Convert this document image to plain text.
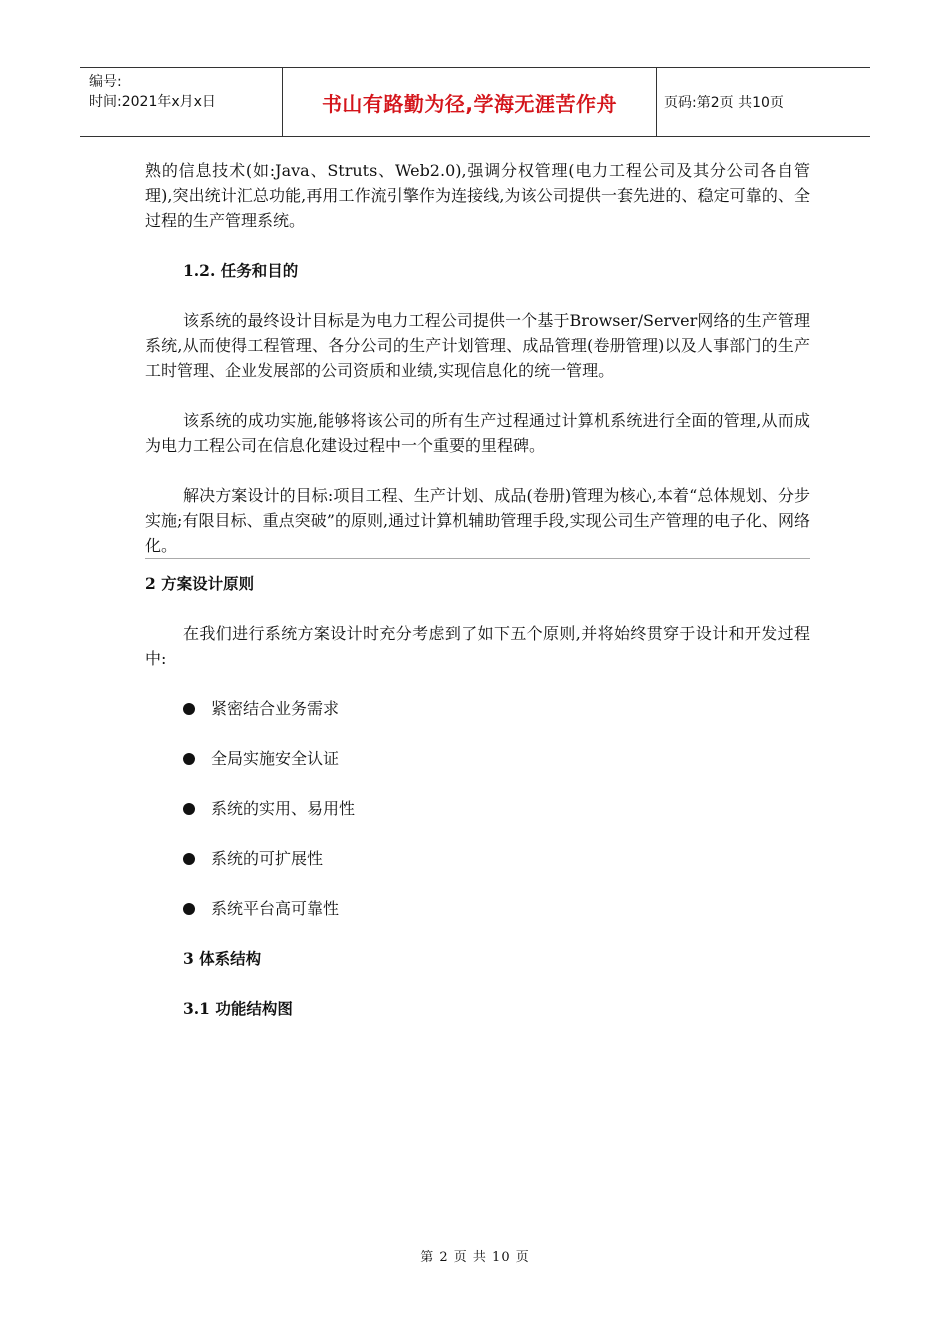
编号:
时间:2021年x月x日	书山有路勤为径,学海无涯苦作舟	页码:第2页 共10页

熟的信息技术(如:Java、Struts、Web2.0),强调分权管理(电力工程公司及其分公司各自管理),突出统计汇总功能,再用工作流引擎作为连接线,为该公司提供一套先进的、稳定可靠的、全过程的生产管理系统。

1.2. 任务和目的

该系统的最终设计目标是为电力工程公司提供一个基于Browser/Server网络的生产管理系统,从而使得工程管理、各分公司的生产计划管理、成品管理(卷册管理)以及人事部门的生产工时管理、企业发展部的公司资质和业绩,实现信息化的统一管理。

该系统的成功实施,能够将该公司的所有生产过程通过计算机系统进行全面的管理,从而成为电力工程公司在信息化建设过程中一个重要的里程碑。

解决方案设计的目标:项目工程、生产计划、成品(卷册)管理为核心,本着“总体规划、分步实施;有限目标、重点突破”的原则,通过计算机辅助管理手段,实现公司生产管理的电子化、网络化。

2 方案设计原则

在我们进行系统方案设计时充分考虑到了如下五个原则,并将始终贯穿于设计和开发过程中:

紧密结合业务需求

全局实施安全认证

系统的实用、易用性

系统的可扩展性

系统平台高可靠性

3 体系结构

3.1 功能结构图

第 2 页 共 10 页
